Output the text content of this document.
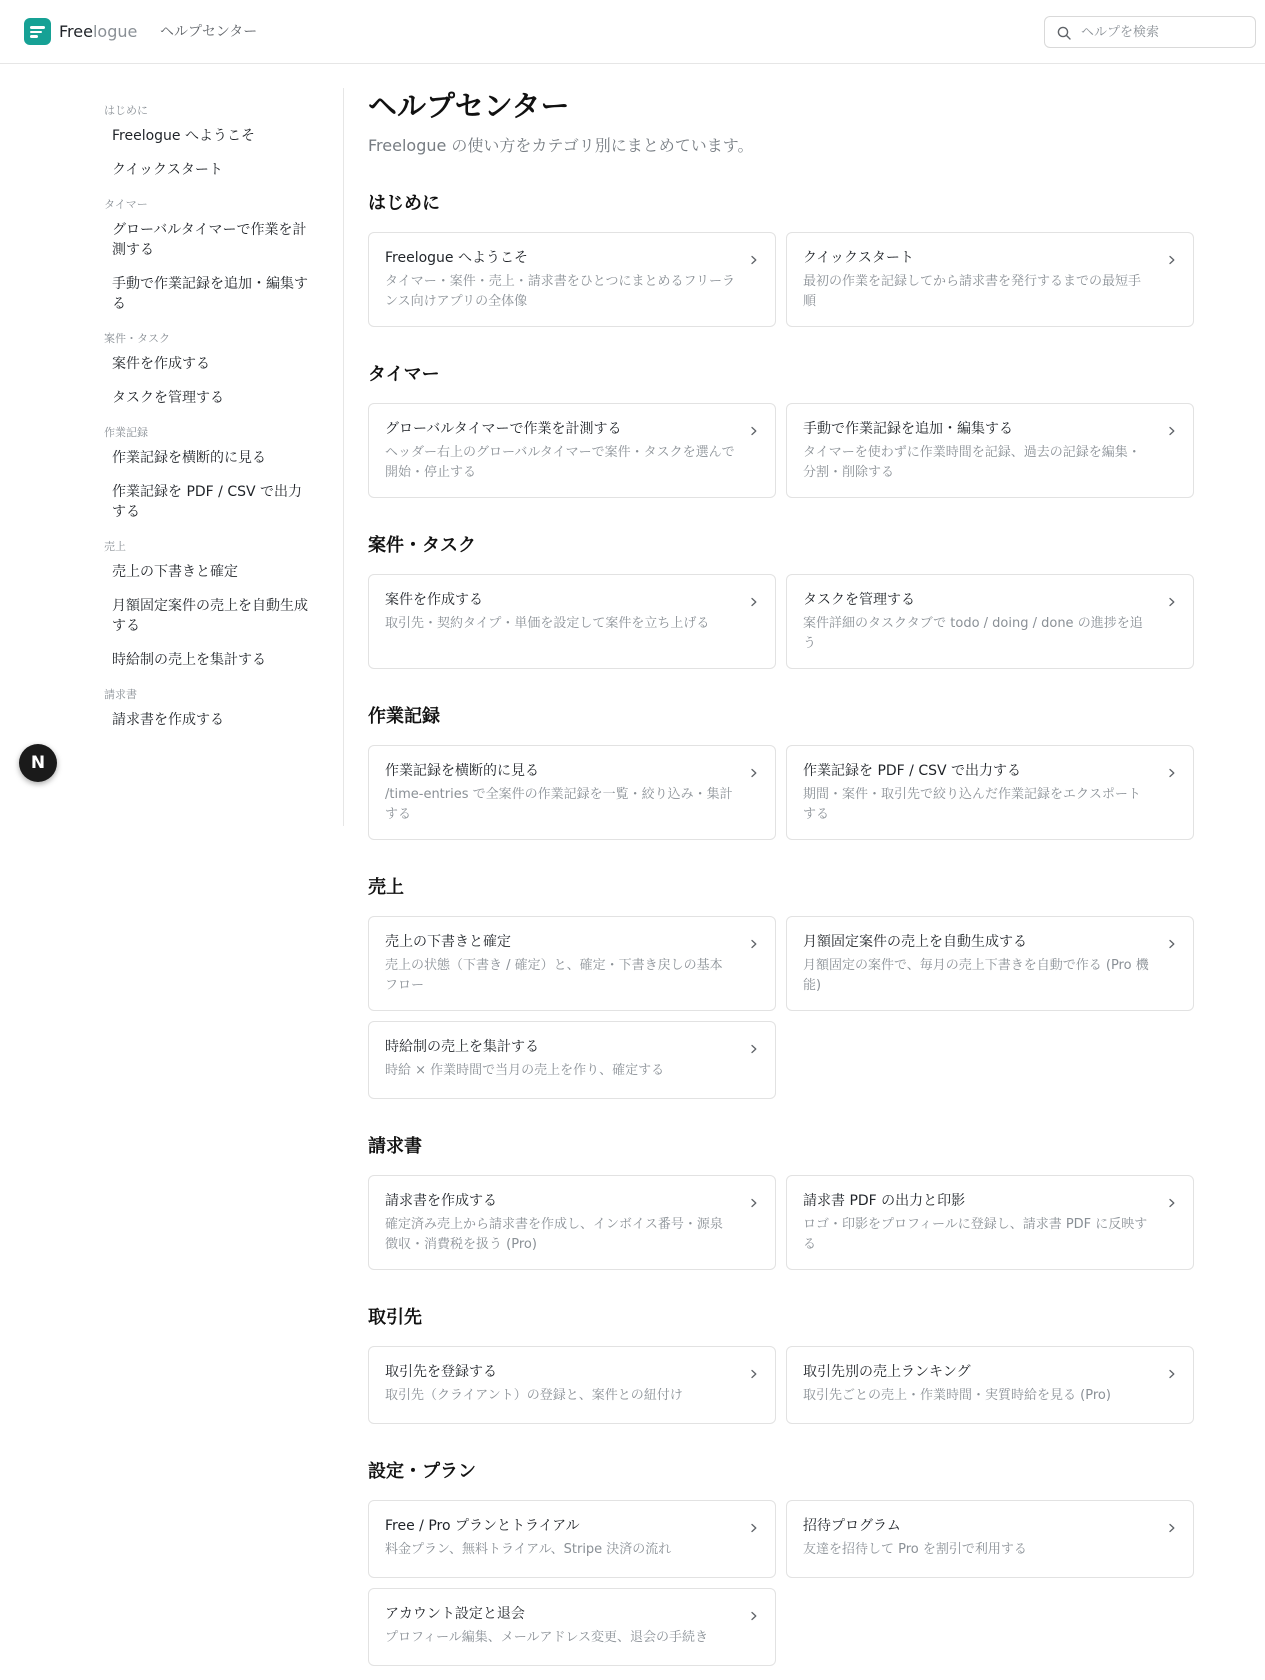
Freelogue ヘルプセンター
ヘルプを検索
はじめに
Freelogue へようこそ
クイックスタート
タイマー
グローバルタイマーで作業を計測する
手動で作業記録を追加・編集する
案件・タスク
案件を作成する
タスクを管理する
作業記録
作業記録を横断的に見る
作業記録を PDF / CSV で出力する
売上
売上の下書きと確定
月額固定案件の売上を自動生成する
時給制の売上を集計する
請求書
請求書を作成する
N
ヘルプセンター

Freelogue の使い方をカテゴリ別にまとめています。

はじめに
Freelogue へようこそ
タイマー・案件・売上・請求書をひとつにまとめるフリーランス向けアプリの全体像
クイックスタート
最初の作業を記録してから請求書を発行するまでの最短手順
タイマー
グローバルタイマーで作業を計測する
ヘッダー右上のグローバルタイマーで案件・タスクを選んで開始・停止する
手動で作業記録を追加・編集する
タイマーを使わずに作業時間を記録、過去の記録を編集・分割・削除する
案件・タスク
案件を作成する
取引先・契約タイプ・単価を設定して案件を立ち上げる
タスクを管理する
案件詳細のタスクタブで todo / doing / done の進捗を追う
作業記録
作業記録を横断的に見る
/time-entries で全案件の作業記録を一覧・絞り込み・集計する
作業記録を PDF / CSV で出力する
期間・案件・取引先で絞り込んだ作業記録をエクスポートする
売上
売上の下書きと確定
売上の状態（下書き / 確定）と、確定・下書き戻しの基本フロー
月額固定案件の売上を自動生成する
月額固定の案件で、毎月の売上下書きを自動で作る (Pro 機能)
時給制の売上を集計する
時給 × 作業時間で当月の売上を作り、確定する
請求書
請求書を作成する
確定済み売上から請求書を作成し、インボイス番号・源泉徴収・消費税を扱う (Pro)
請求書 PDF の出力と印影
ロゴ・印影をプロフィールに登録し、請求書 PDF に反映する
取引先
取引先を登録する
取引先（クライアント）の登録と、案件との紐付け
取引先別の売上ランキング
取引先ごとの売上・作業時間・実質時給を見る (Pro)
設定・プラン
Free / Pro プランとトライアル
料金プラン、無料トライアル、Stripe 決済の流れ
招待プログラム
友達を招待して Pro を割引で利用する
アカウント設定と退会
プロフィール編集、メールアドレス変更、退会の手続き
